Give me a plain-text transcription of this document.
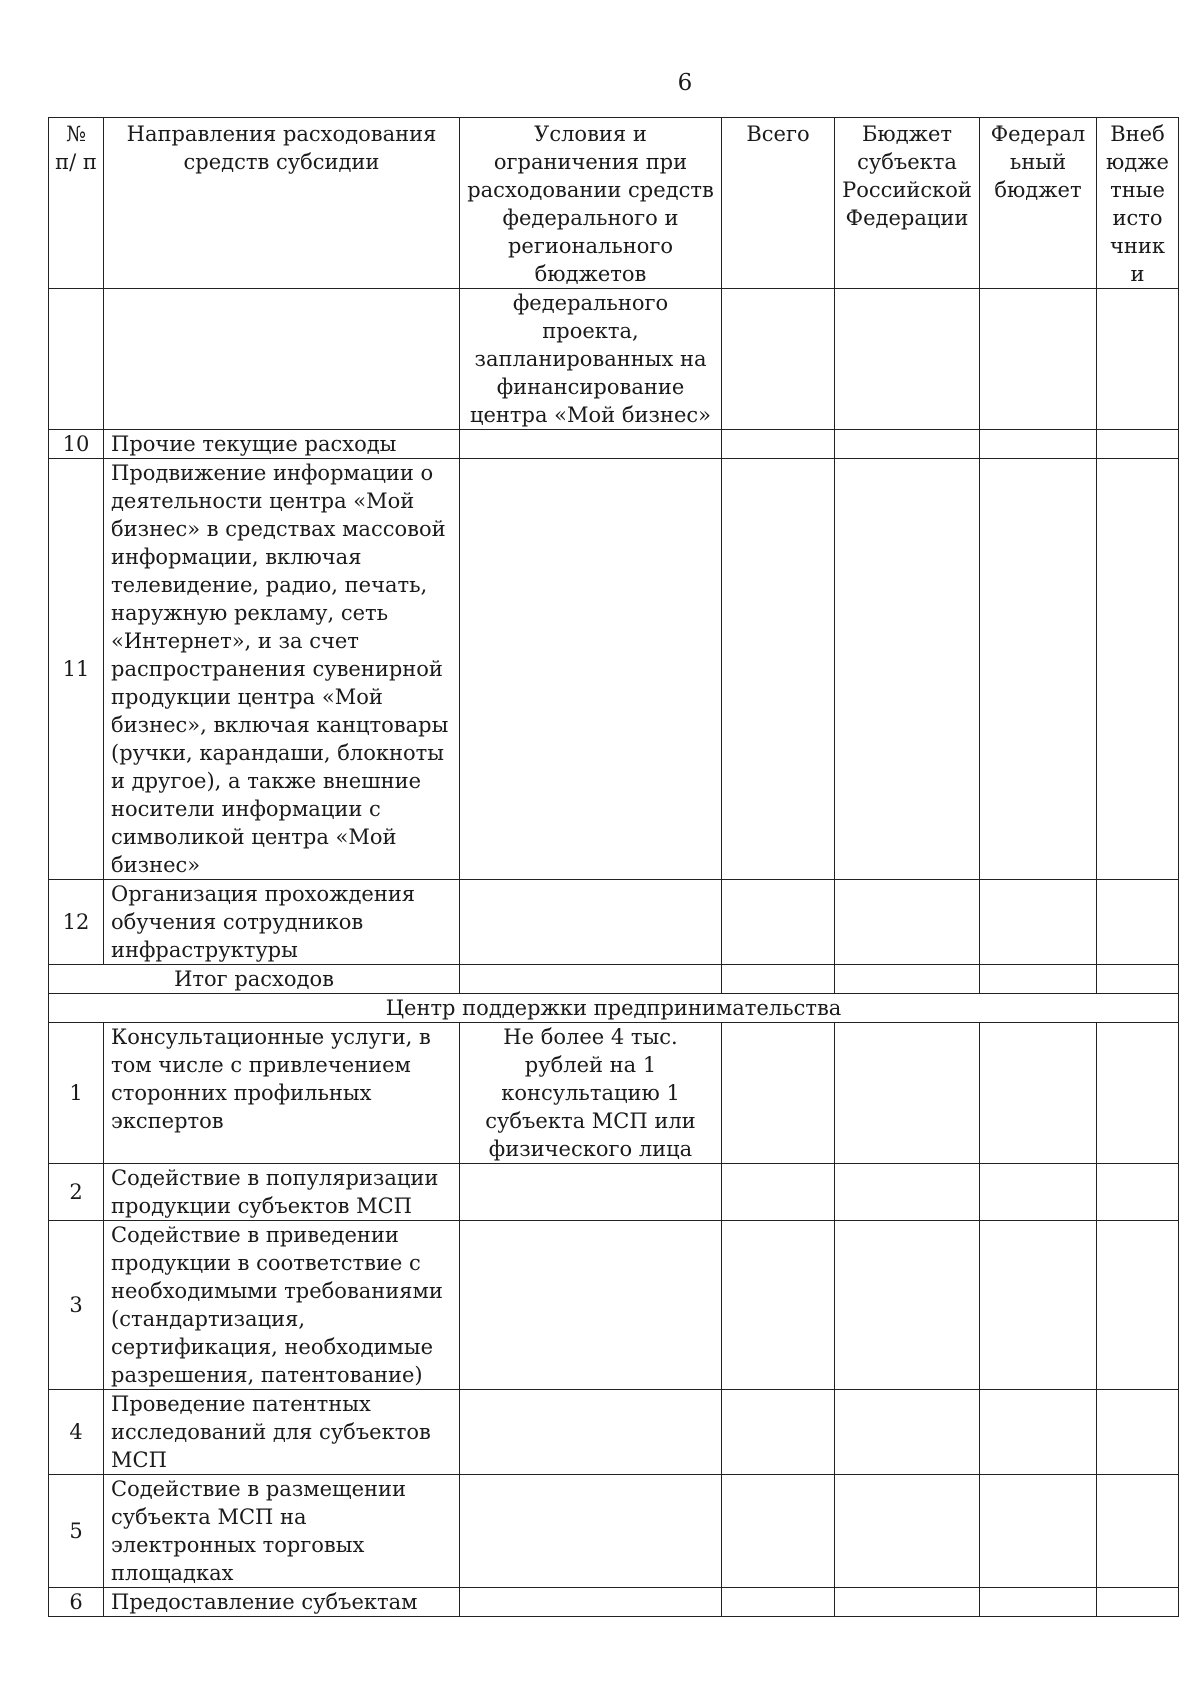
6
№ п/ п	Направления расходования средств субсидии	Условия и ограничения при расходовании средств федерального и регионального бюджетов	Всего	Бюджет субъекта Российской Федерации	Федерал ьный бюджет	Внеб юдже тные исто чник и
		федерального проекта, запланированных на финансирование центра «Мой бизнес»				
10	Прочие текущие расходы					
11	Продвижение информации о деятельности центра «Мой бизнес» в средствах массовой информации, включая телевидение, радио, печать, наружную рекламу, сеть «Интернет», и за счет распространения сувенирной продукции центра «Мой бизнес», включая канцтовары (ручки, карандаши, блокноты и другое), а также внешние носители информации с символикой центра «Мой бизнес»					
12	Организация прохождения обучения сотрудников инфраструктуры					
Итог расходов						
Центр поддержки предпринимательства						
1	Консультационные услуги, в том числе с привлечением сторонних профильных экспертов	Не более 4 тыс. рублей на 1 консультацию 1 субъекта МСП или физического лица				
2	Содействие в популяризации продукции субъектов МСП					
3	Содействие в приведении продукции в соответствие с необходимыми требованиями (стандартизация, сертификация, необходимые разрешения, патентование)					
4	Проведение патентных исследований для субъектов МСП					
5	Содействие в размещении субъекта МСП на электронных торговых площадках					
6	Предоставление субъектам					
